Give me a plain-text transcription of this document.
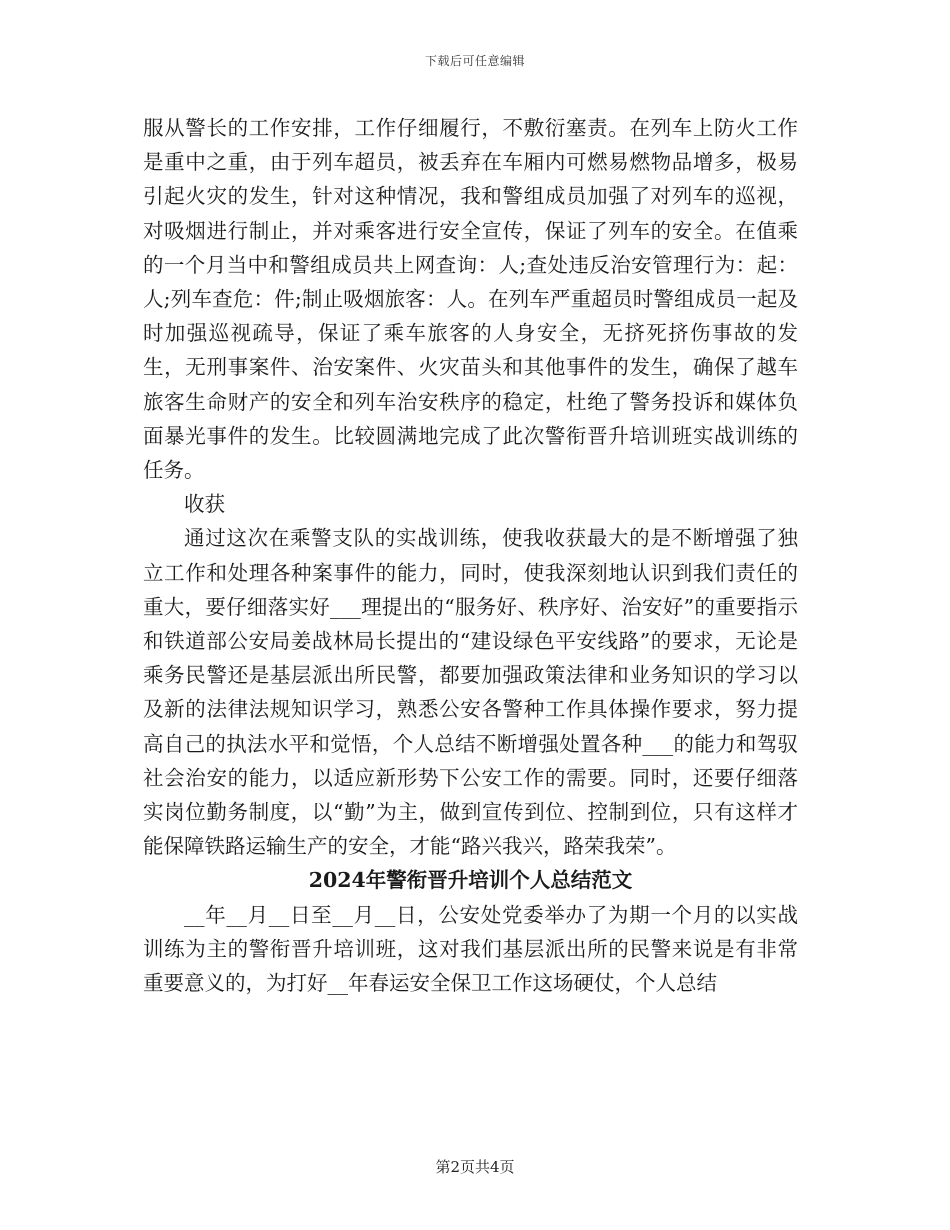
下载后可任意编辑

服从警长的工作安排，工作仔细履行，不敷衍塞责。在列车上防火工作是重中之重，由于列车超员，被丢弃在车厢内可燃易燃物品增多，极易引起火灾的发生，针对这种情况，我和警组成员加强了对列车的巡视，对吸烟进行制止，并对乘客进行安全宣传，保证了列车的安全。在值乘的一个月当中和警组成员共上网查询：人;查处违反治安管理行为：起：人;列车查危：件;制止吸烟旅客：人。在列车严重超员时警组成员一起及时加强巡视疏导，保证了乘车旅客的人身安全，无挤死挤伤事故的发生，无刑事案件、治安案件、火灾苗头和其他事件的发生，确保了越车旅客生命财产的安全和列车治安秩序的稳定，杜绝了警务投诉和媒体负面暴光事件的发生。比较圆满地完成了此次警衔晋升培训班实战训练的任务。

收获

通过这次在乘警支队的实战训练，使我收获最大的是不断增强了独立工作和处理各种案事件的能力，同时，使我深刻地认识到我们责任的重大，要仔细落实好___理提出的“服务好、秩序好、治安好”的重要指示和铁道部公安局姜战林局长提出的“建设绿色平安线路”的要求，无论是乘务民警还是基层派出所民警，都要加强政策法律和业务知识的学习以及新的法律法规知识学习，熟悉公安各警种工作具体操作要求，努力提高自己的执法水平和觉悟，个人总结不断增强处置各种___的能力和驾驭社会治安的能力，以适应新形势下公安工作的需要。同时，还要仔细落实岗位勤务制度，以“勤”为主，做到宣传到位、控制到位，只有这样才能保障铁路运输生产的安全，才能“路兴我兴，路荣我荣”。

2024年警衔晋升培训个人总结范文

__年__月__日至__月__日，公安处党委举办了为期一个月的以实战训练为主的警衔晋升培训班，这对我们基层派出所的民警来说是有非常重要意义的，为打好__年春运安全保卫工作这场硬仗，个人总结

第2页共4页
